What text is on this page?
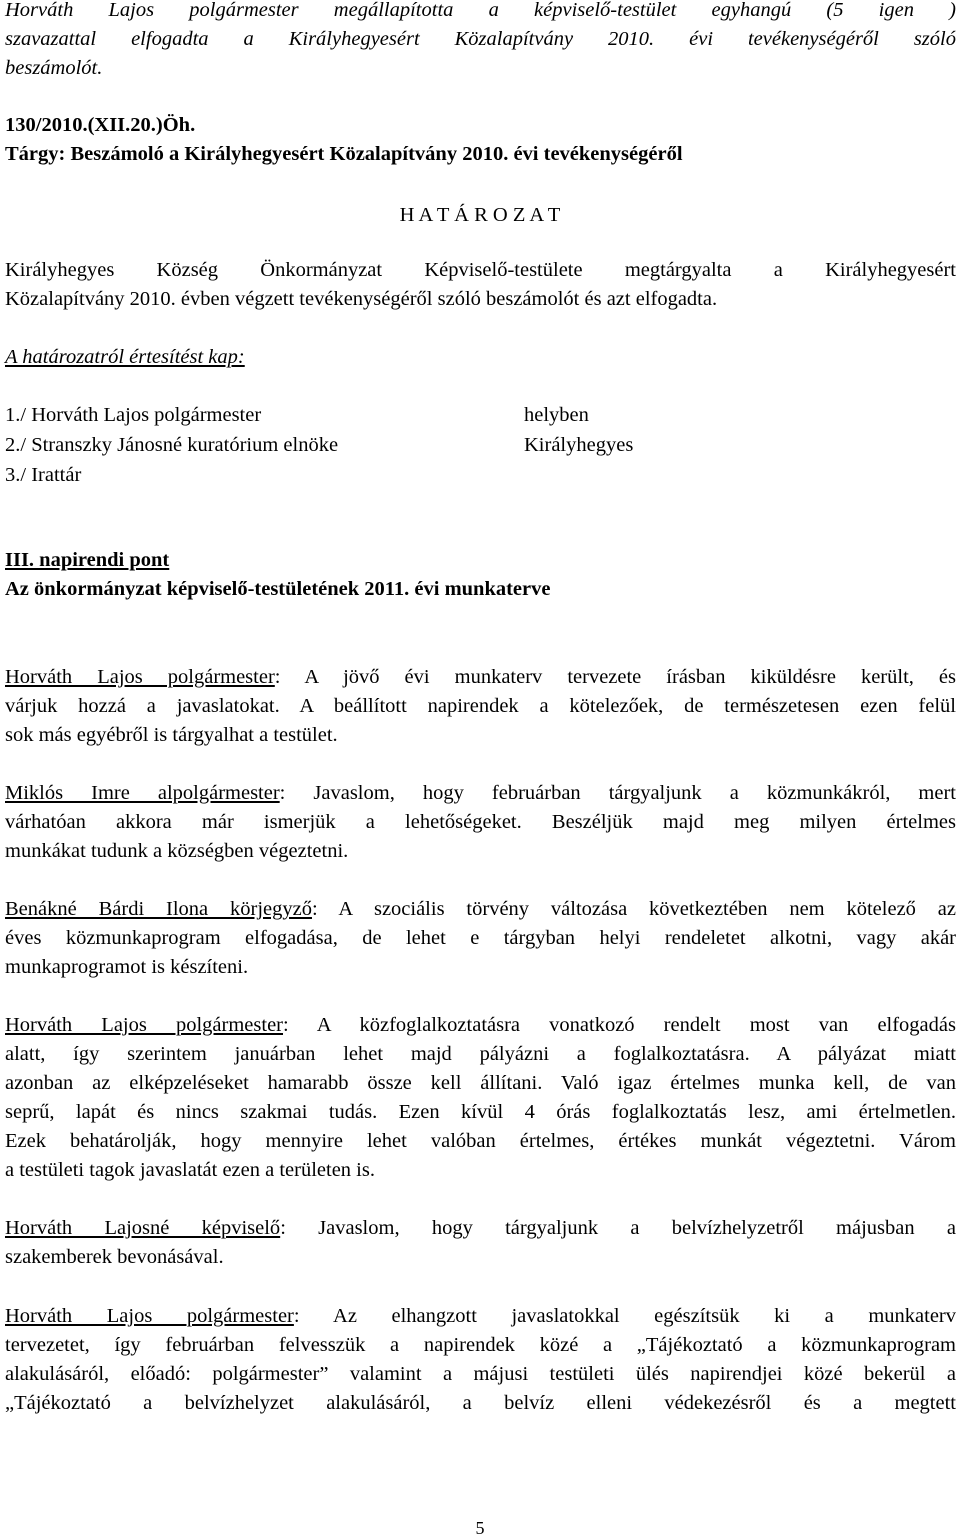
Horváth Lajos polgármester megállapította a képviselő-testület egyhangú (5 igen )
szavazattal elfogadta a Királyhegyesért Közalapítvány 2010. évi tevékenységéről szóló
beszámolót.
130/2010.(XII.20.)Öh.
Tárgy: Beszámoló a Királyhegyesért Közalapítvány 2010. évi tevékenységéről
H A T Á R O Z A T
Királyhegyes Község Önkormányzat Képviselő-testülete megtárgyalta a Királyhegyesért
Közalapítvány 2010. évben végzett tevékenységéről szóló beszámolót és azt elfogadta.
A határozatról értesítést kap:
1./ Horváth Lajos polgármester	helyben
2./ Stranszky Jánosné kuratórium elnöke	Királyhegyes
3./ Irattár
III. napirendi pont
Az önkormányzat képviselő-testületének 2011. évi munkaterve
Horváth Lajos polgármester: A jövő évi munkaterv tervezete írásban kiküldésre került, és
várjuk hozzá a javaslatokat. A beállított napirendek a kötelezőek, de természetesen ezen felül
sok más egyébről is tárgyalhat a testület.
Miklós Imre alpolgármester: Javaslom, hogy februárban tárgyaljunk a közmunkákról, mert
várhatóan akkora már ismerjük a lehetőségeket. Beszéljük majd meg milyen értelmes
munkákat tudunk a községben végeztetni.
Benákné Bárdi Ilona körjegyző: A szociális törvény változása következtében nem kötelező az
éves közmunkaprogram elfogadása, de lehet e tárgyban helyi rendeletet alkotni, vagy akár
munkaprogramot is készíteni.
Horváth Lajos polgármester: A közfoglalkoztatásra vonatkozó rendelt most van elfogadás
alatt, így szerintem januárban lehet majd pályázni a foglalkoztatásra. A pályázat miatt
azonban az elképzeléseket hamarabb össze kell állítani. Való igaz értelmes munka kell, de van
seprű, lapát és nincs szakmai tudás. Ezen kívül 4 órás foglalkoztatás lesz, ami értelmetlen.
Ezek behatárolják, hogy mennyire lehet valóban értelmes, értékes munkát végeztetni. Várom
a testületi tagok javaslatát ezen a területen is.
Horváth Lajosné képviselő: Javaslom, hogy tárgyaljunk a belvízhelyzetről májusban a
szakemberek bevonásával.
Horváth Lajos polgármester: Az elhangzott javaslatokkal egészítsük ki a munkaterv
tervezetet, így februárban felvesszük a napirendek közé a „Tájékoztató a közmunkaprogram
alakulásáról, előadó: polgármester” valamint a májusi testületi ülés napirendjei közé bekerül a
„Tájékoztató a belvízhelyzet alakulásáról, a belvíz elleni védekezésről és a megtett
5
